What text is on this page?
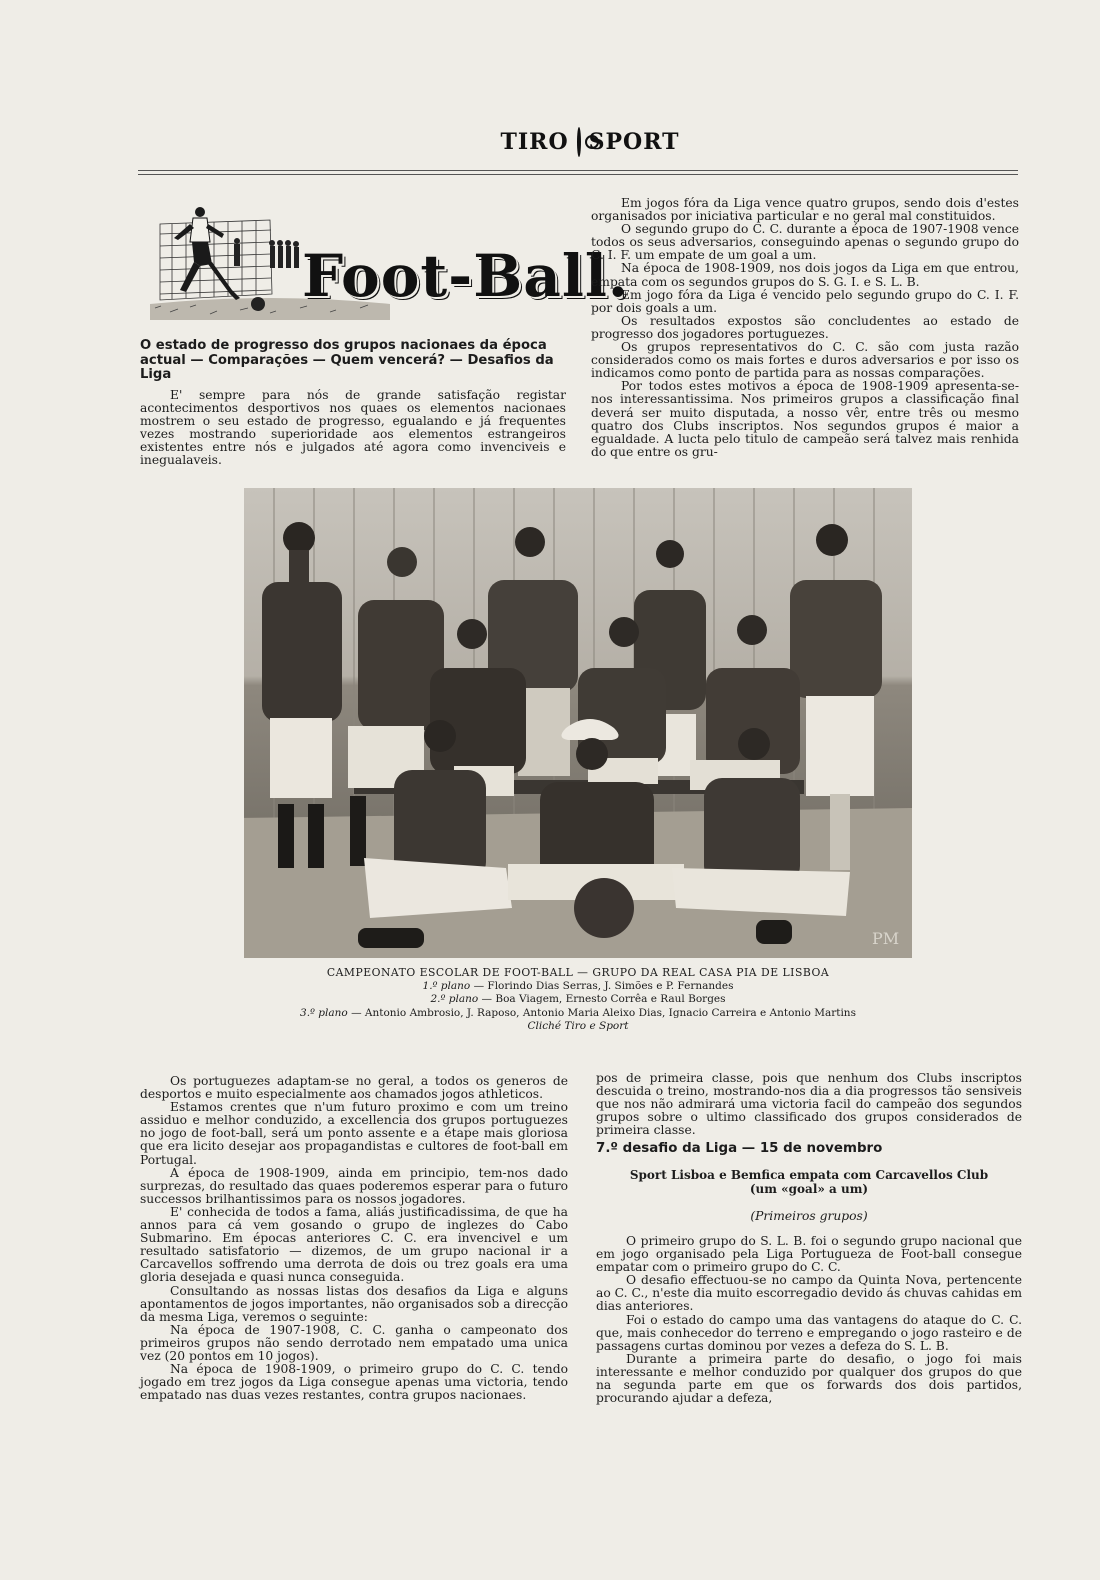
TIRO SPORT
Foot-Ball.
O estado de progresso dos grupos nacionaes da época actual — Comparações — Quem vencerá? — Desafios da Liga

E' sempre para nós de grande satisfação registar acontecimentos desportivos nos quaes os elementos nacionaes mostrem o seu estado de progresso, egualando e já frequentes vezes mostrando superioridade aos elementos estrangeiros existentes entre nós e julgados até agora como invenciveis e inegualaveis.

Em jogos fóra da Liga vence quatro grupos, sendo dois d'estes organisados por iniciativa particular e no geral mal constituidos.

O segundo grupo do C. C. durante a época de 1907-1908 vence todos os seus adversarios, conseguindo apenas o segundo grupo do C. I. F. um empate de um goal a um.

Na época de 1908-1909, nos dois jogos da Liga em que entrou, empata com os segundos grupos do S. G. I. e S. L. B.

Em jogo fóra da Liga é vencido pelo segundo grupo do C. I. F. por dois goals a um.

Os resultados expostos são concludentes ao estado de progresso dos jogadores portuguezes.

Os grupos representativos do C. C. são com justa razão considerados como os mais fortes e duros adversarios e por isso os indicamos como ponto de partida para as nossas comparações.

Por todos estes motivos a época de 1908-1909 apresenta-se-nos interessantissima. Nos primeiros grupos a classificação final deverá ser muito disputada, a nosso vêr, entre três ou mesmo quatro dos Clubs inscriptos. Nos segundos grupos é maior a egualdade. A lucta pelo titulo de campeão será talvez mais renhida do que entre os gru-

PM
CAMPEONATO ESCOLAR DE FOOT-BALL — GRUPO DA REAL CASA PIA DE LISBOA
1.º plano — Florindo Dias Serras, J. Simões e P. Fernandes
2.º plano — Boa Viagem, Ernesto Corrêa e Raul Borges
3.º plano — Antonio Ambrosio, J. Raposo, Antonio Maria Aleixo Dias, Ignacio Carreira e Antonio Martins
Cliché Tiro e Sport

Os portuguezes adaptam-se no geral, a todos os generos de desportos e muito especialmente aos chamados jogos athleticos.

Estamos crentes que n'um futuro proximo e com um treino assiduo e melhor conduzido, a excellencia dos grupos portuguezes no jogo de foot-ball, será um ponto assente e a étape mais gloriosa que era licito desejar aos propagandistas e cultores de foot-ball em Portugal.

A época de 1908-1909, ainda em principio, tem-nos dado surprezas, do resultado das quaes poderemos esperar para o futuro successos brilhantissimos para os nossos jogadores.

E' conhecida de todos a fama, aliás justificadissima, de que ha annos para cá vem gosando o grupo de inglezes do Cabo Submarino. Em épocas anteriores C. C. era invencivel e um resultado satisfatorio — dizemos, de um grupo nacional ir a Carcavellos soffrendo uma derrota de dois ou trez goals era uma gloria desejada e quasi nunca conseguida.

Consultando as nossas listas dos desafios da Liga e alguns apontamentos de jogos importantes, não organisados sob a direcção da mesma Liga, veremos o seguinte:

Na época de 1907-1908, C. C. ganha o campeonato dos primeiros grupos não sendo derrotado nem empatado uma unica vez (20 pontos em 10 jogos).

Na época de 1908-1909, o primeiro grupo do C. C. tendo jogado em trez jogos da Liga consegue apenas uma victoria, tendo empatado nas duas vezes restantes, contra grupos nacionaes.

pos de primeira classe, pois que nenhum dos Clubs inscriptos descuida o treino, mostrando-nos dia a dia progressos tão sensiveis que nos não admirará uma victoria facil do campeão dos segundos grupos sobre o ultimo classificado dos grupos considerados de primeira classe.

7.º desafio da Liga — 15 de novembro
Sport Lisboa e Bemfica empata com Carcavellos Club
(um «goal» a um)
(Primeiros grupos)

O primeiro grupo do S. L. B. foi o segundo grupo nacional que em jogo organisado pela Liga Portugueza de Foot-ball consegue empatar com o primeiro grupo do C. C.

O desafio effectuou-se no campo da Quinta Nova, pertencente ao C. C., n'este dia muito escorregadio devido ás chuvas cahidas em dias anteriores.

Foi o estado do campo uma das vantagens do ataque do C. C. que, mais conhecedor do terreno e empregando o jogo rasteiro e de passagens curtas dominou por vezes a defeza do S. L. B.

Durante a primeira parte do desafio, o jogo foi mais interessante e melhor conduzido por qualquer dos grupos do que na segunda parte em que os forwards dos dois partidos, procurando ajudar a defeza,
